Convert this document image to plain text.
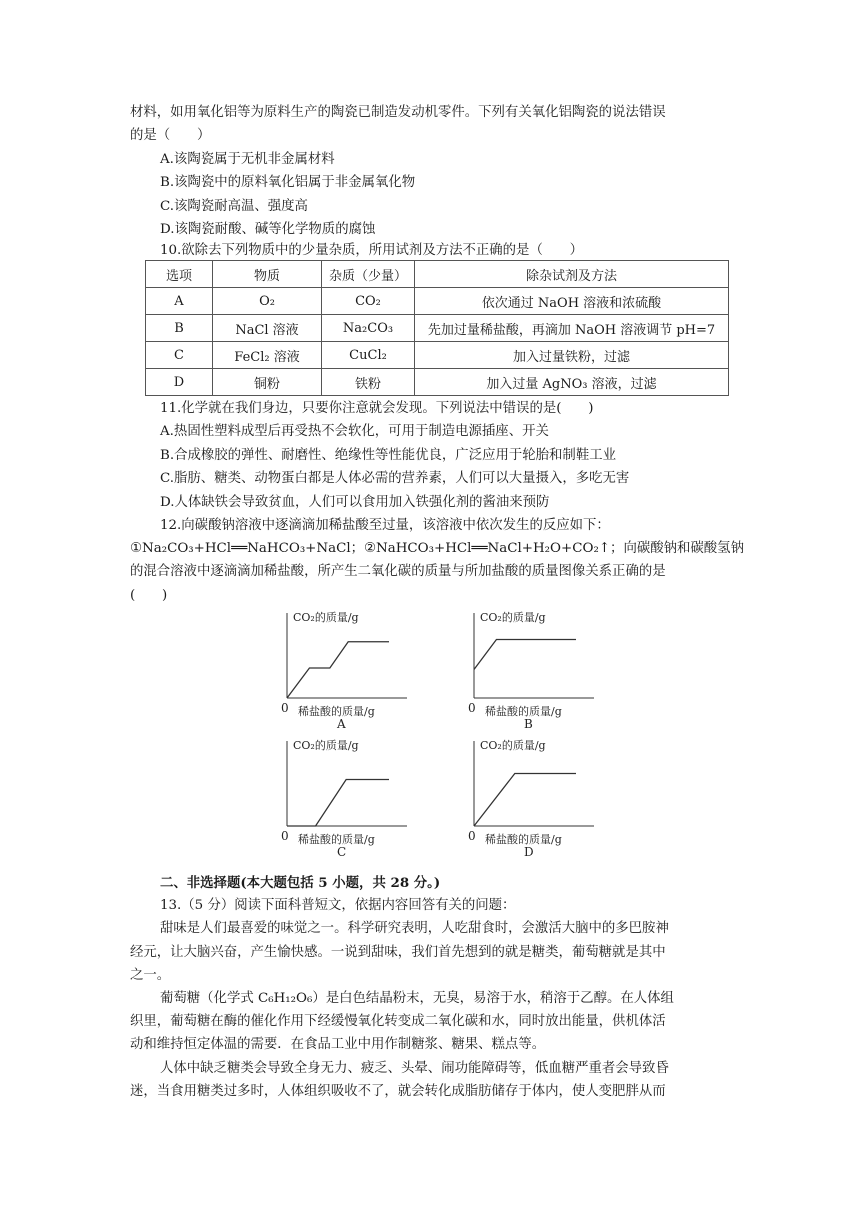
材料，如用氧化铝等为原料生产的陶瓷已制造发动机零件。下列有关氧化铝陶瓷的说法错误
的是（　　）
A.该陶瓷属于无机非金属材料
B.该陶瓷中的原料氧化铝属于非金属氧化物
C.该陶瓷耐高温、强度高
D.该陶瓷耐酸、碱等化学物质的腐蚀
10.欲除去下列物质中的少量杂质，所用试剂及方法不正确的是（　　）
选项	物质	杂质（少量）	除杂试剂及方法
A	O₂	CO₂	依次通过 NaOH 溶液和浓硫酸
B	NaCl 溶液	Na₂CO₃	先加过量稀盐酸，再滴加 NaOH 溶液调节 pH=7
C	FeCl₂ 溶液	CuCl₂	加入过量铁粉，过滤
D	铜粉	铁粉	加入过量 AgNO₃ 溶液，过滤
11.化学就在我们身边，只要你注意就会发现。下列说法中错误的是(　　)
A.热固性塑料成型后再受热不会软化，可用于制造电源插座、开关
B.合成橡胶的弹性、耐磨性、绝缘性等性能优良，广泛应用于轮胎和制鞋工业
C.脂肪、糖类、动物蛋白都是人体必需的营养素，人们可以大量摄入，多吃无害
D.人体缺铁会导致贫血，人们可以食用加入铁强化剂的酱油来预防
12.向碳酸钠溶液中逐滴滴加稀盐酸至过量，该溶液中依次发生的反应如下：
①Na₂CO₃+HCl══NaHCO₃+NaCl；②NaHCO₃+HCl══NaCl+H₂O+CO₂↑；向碳酸钠和碳酸氢钠
的混合溶液中逐滴滴加稀盐酸，所产生二氧化碳的质量与所加盐酸的质量图像关系正确的是
(　　)
二、非选择题(本大题包括 5 小题，共 28 分。)
13.（5 分）阅读下面科普短文，依据内容回答有关的问题：
甜味是人们最喜爱的味觉之一。科学研究表明，人吃甜食时，会激活大脑中的多巴胺神
经元，让大脑兴奋，产生愉快感。一说到甜味，我们首先想到的就是糖类，葡萄糖就是其中
之一。
葡萄糖（化学式 C₆H₁₂O₆）是白色结晶粉末，无臭，易溶于水，稍溶于乙醇。在人体组
织里，葡萄糖在酶的催化作用下经缓慢氧化转变成二氧化碳和水，同时放出能量，供机体活
动和维持恒定体温的需要．在食品工业中用作制糖浆、糖果、糕点等。
人体中缺乏糖类会导致全身无力、疲乏、头晕、闹功能障碍等，低血糖严重者会导致昏
迷，当食用糖类过多时，人体组织吸收不了，就会转化成脂肪储存于体内，使人变肥胖从而
CO₂的质量/g
0 稀盐酸的质量/g
A
CO₂的质量/g
0 稀盐酸的质量/g
B
CO₂的质量/g
0 稀盐酸的质量/g
C
CO₂的质量/g
0 稀盐酸的质量/g
D
